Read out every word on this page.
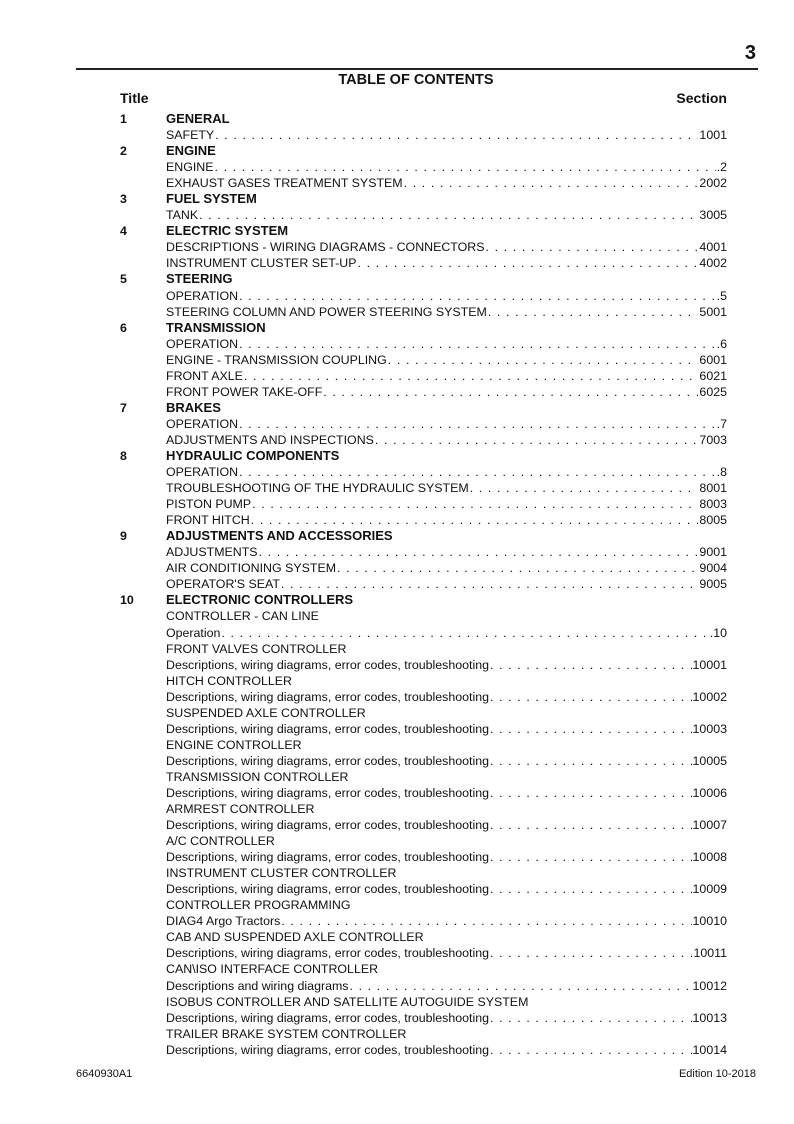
3
TABLE OF CONTENTS
Title	Section
1	GENERAL
SAFETY . . .	1001
2	ENGINE
ENGINE . . .	.2
EXHAUST GASES TREATMENT SYSTEM . . .	2002
3	FUEL SYSTEM
TANK . . .	3005
4	ELECTRIC SYSTEM
DESCRIPTIONS - WIRING DIAGRAMS - CONNECTORS . . .	4001
INSTRUMENT CLUSTER SET-UP . . .	4002
5	STEERING
OPERATION . . .	.5
STEERING COLUMN AND POWER STEERING SYSTEM . . .	5001
6	TRANSMISSION
OPERATION . . .	.6
ENGINE - TRANSMISSION COUPLING . . .	6001
FRONT AXLE . . .	6021
FRONT POWER TAKE-OFF . . .	6025
7	BRAKES
OPERATION . . .	.7
ADJUSTMENTS AND INSPECTIONS . . .	7003
8	HYDRAULIC COMPONENTS
OPERATION . . .	.8
TROUBLESHOOTING OF THE HYDRAULIC SYSTEM . . .	8001
PISTON PUMP . . .	8003
FRONT HITCH . . .	8005
9	ADJUSTMENTS AND ACCESSORIES
ADJUSTMENTS . . .	9001
AIR CONDITIONING SYSTEM . . .	9004
OPERATOR'S SEAT . . .	9005
10	ELECTRONIC CONTROLLERS
CONTROLLER - CAN LINE
Operation . . .	.10
FRONT VALVES CONTROLLER
Descriptions, wiring diagrams, error codes, troubleshooting . . .	10001
HITCH CONTROLLER
Descriptions, wiring diagrams, error codes, troubleshooting . . .	10002
SUSPENDED AXLE CONTROLLER
Descriptions, wiring diagrams, error codes, troubleshooting . . .	10003
ENGINE CONTROLLER
Descriptions, wiring diagrams, error codes, troubleshooting . . .	10005
TRANSMISSION CONTROLLER
Descriptions, wiring diagrams, error codes, troubleshooting . . .	10006
ARMREST CONTROLLER
Descriptions, wiring diagrams, error codes, troubleshooting . . .	10007
A/C CONTROLLER
Descriptions, wiring diagrams, error codes, troubleshooting . . .	10008
INSTRUMENT CLUSTER CONTROLLER
Descriptions, wiring diagrams, error codes, troubleshooting . . .	10009
CONTROLLER PROGRAMMING
DIAG4 Argo Tractors . . .	10010
CAB AND SUSPENDED AXLE CONTROLLER
Descriptions, wiring diagrams, error codes, troubleshooting . . .	10011
CAN\ISO INTERFACE CONTROLLER
Descriptions and wiring diagrams . . .	10012
ISOBUS CONTROLLER AND SATELLITE AUTOGUIDE SYSTEM
Descriptions, wiring diagrams, error codes, troubleshooting . . .	10013
TRAILER BRAKE SYSTEM CONTROLLER
Descriptions, wiring diagrams, error codes, troubleshooting . . .	10014
6640930A1	Edition 10-2018
